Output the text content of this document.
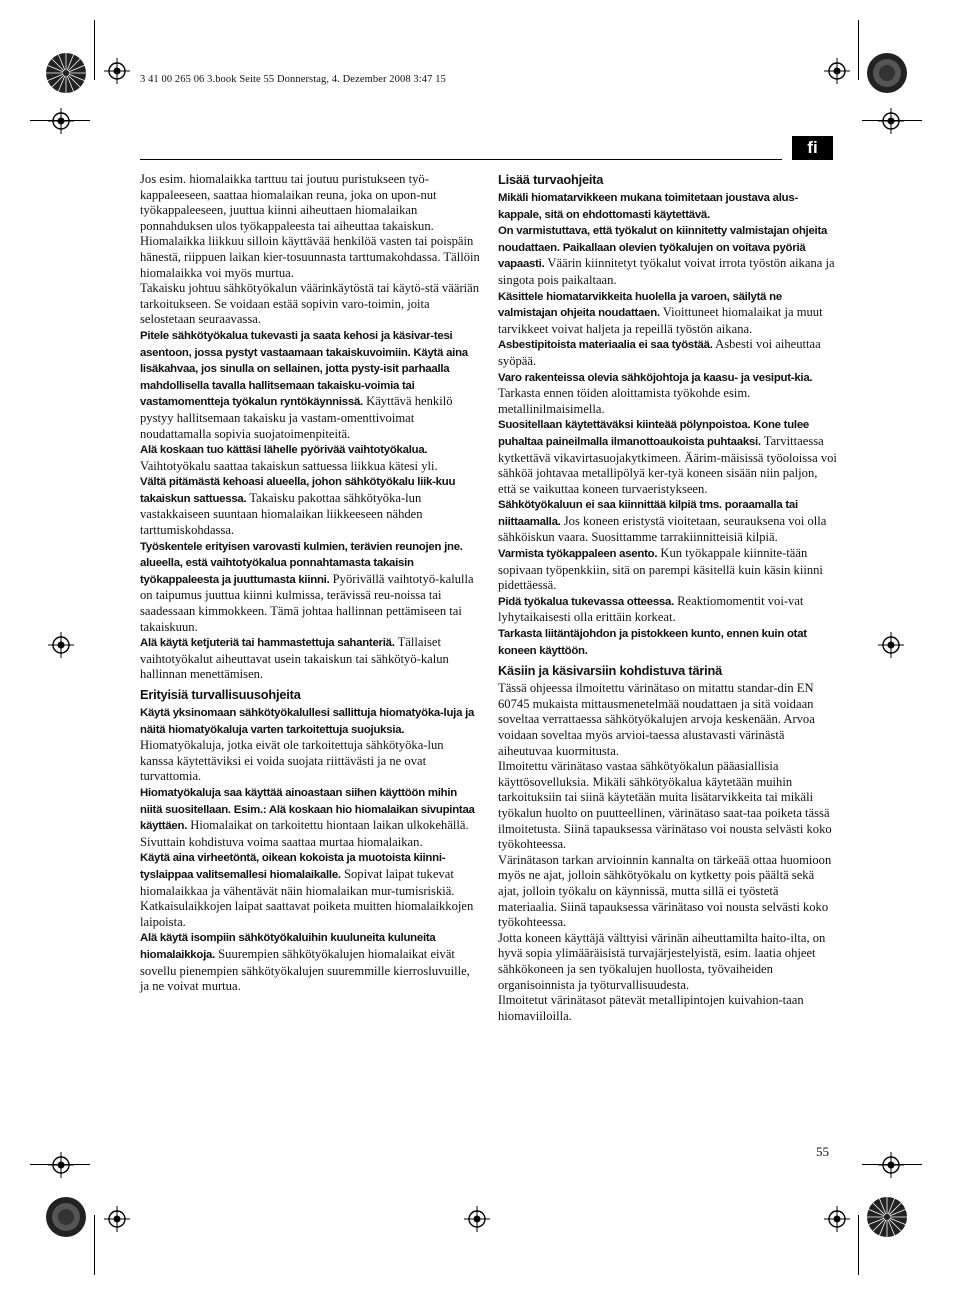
3 41 00 265 06 3.book Seite 55 Donnerstag, 4. Dezember 2008 3:47 15
fi

Jos esim. hiomalaikka tarttuu tai joutuu puristukseen työ-kappaleeseen, saattaa hiomalaikan reuna, joka on upon-nut työkappaleeseen, juuttua kiinni aiheuttaen hiomalaikan ponnahduksen ulos työkappaleesta tai aiheuttaa takaiskun. Hiomalaikka liikkuu silloin käyttävää henkilöä vasten tai poispäin hänestä, riippuen laikan kier-tosuunnasta tarttumakohdassa. Tällöin hiomalaikka voi myös murtua.

Takaisku johtuu sähkötyökalun väärinkäytöstä tai käytö-stä vääriän tarkoitukseen. Se voidaan estää sopivin varo-toimin, joita selostetaan seuraavassa.

Pitele sähkötyökalua tukevasti ja saata kehosi ja käsivar-tesi asentoon, jossa pystyt vastaamaan takaiskuvoimiin. Käytä aina lisäkahvaa, jos sinulla on sellainen, jotta pysty-isit parhaalla mahdollisella tavalla hallitsemaan takaisku-voimia tai vastamomentteja työkalun ryntökäynnissä. Käyttävä henkilö pystyy hallitsemaan takaisku ja vastam-omenttivoimat noudattamalla sopivia suojatoimenpiteitä.

Alä koskaan tuo kättäsi lähelle pyörivää vaihtotyökalua. Vaihtotyökalu saattaa takaiskun sattuessa liikkua kätesi yli.

Vältä pitämästä kehoasi alueella, johon sähkötyökalu liik-kuu takaiskun sattuessa. Takaisku pakottaa sähkötyöka-lun vastakkaiseen suuntaan hiomalaikan liikkeeseen nähden tarttumiskohdassa.

Työskentele erityisen varovasti kulmien, terävien reunojen jne. alueella, estä vaihtotyökalua ponnahtamasta takaisin työkappaleesta ja juuttumasta kiinni. Pyörivällä vaihtotyö-kalulla on taipumus juuttua kiinni kulmissa, terävissä reu-noissa tai saadessaan kimmokkeen. Tämä johtaa hallinnan pettämiseen tai takaiskuun.

Alä käytä ketjuteriä tai hammastettuja sahanteriä. Tällaiset vaihtotyökalut aiheuttavat usein takaiskun tai sähkötyö-kalun hallinnan menettämisen.

Erityisiä turvallisuusohjeita

Käytä yksinomaan sähkötyökalullesi sallittuja hiomatyöka-luja ja näitä hiomatyökaluja varten tarkoitettuja suojuksia. Hiomatyökaluja, jotka eivät ole tarkoitettuja sähkötyöka-lun kanssa käytettäviksi ei voida suojata riittävästi ja ne ovat turvattomia.

Hiomatyökaluja saa käyttää ainoastaan siihen käyttöön mihin niitä suositellaan. Esim.: Alä koskaan hio hiomalaikan sivupintaa käyttäen. Hiomalaikat on tarkoitettu hiontaan laikan ulkokehällä. Sivuttain kohdistuva voima saattaa murtaa hiomalaikan.

Käytä aina virheetöntä, oikean kokoista ja muotoista kiinni-tyslaippaa valitsemallesi hiomalaikalle. Sopivat laipat tukevat hiomalaikkaa ja vähentävät näin hiomalaikan mur-tumisriskiä. Katkaisulaikkojen laipat saattavat poiketa muitten hiomalaikkojen laipoista.

Alä käytä isompiin sähkötyökaluihin kuuluneita kuluneita hiomalaikkoja. Suurempien sähkötyökalujen hiomalaikat eivät sovellu pienempien sähkötyökalujen suuremmille kierrosluvuille, ja ne voivat murtua.

Lisää turvaohjeita

Mikäli hiomatarvikkeen mukana toimitetaan joustava alus-kappale, sitä on ehdottomasti käytettävä.

On varmistuttava, että työkalut on kiinnitetty valmistajan ohjeita noudattaen. Paikallaan olevien työkalujen on voitava pyöriä vapaasti. Väärin kiinnitetyt työkalut voivat irrota työstön aikana ja singota pois paikaltaan.

Käsittele hiomatarvikkeita huolella ja varoen, säilytä ne valmistajan ohjeita noudattaen. Vioittuneet hiomalaikat ja muut tarvikkeet voivat haljeta ja repeillä työstön aikana.

Asbestipitoista materiaalia ei saa työstää. Asbesti voi aiheuttaa syöpää.

Varo rakenteissa olevia sähköjohtoja ja kaasu- ja vesiput-kia. Tarkasta ennen töiden aloittamista työkohde esim. metallinilmaisimella.

Suositellaan käytettäväksi kiinteää pölynpoistoa. Kone tulee puhaltaa paineilmalla ilmanottoaukoista puhtaaksi. Tarvittaessa kytkettävä vikavirtasuojakytkimeen. Äärim-mäisissä työoloissa voi sähköä johtavaa metallipölyä ker-tyä koneen sisään niin paljon, että se vaikuttaa koneen turvaeristykseen.

Sähkötyökaluun ei saa kiinnittää kilpiä tms. poraamalla tai niittaamalla. Jos koneen eristystä vioitetaan, seurauksena voi olla sähköiskun vaara. Suosittamme tarrakiinnitteisiä kilpiä.

Varmista työkappaleen asento. Kun työkappale kiinnite-tään sopivaan työpenkkiin, sitä on parempi käsitellä kuin käsin kiinni pidettäessä.

Pidä työkalua tukevassa otteessa. Reaktiomomentit voi-vat lyhytaikaisesti olla erittäin korkeat.

Tarkasta liitäntäjohdon ja pistokkeen kunto, ennen kuin otat koneen käyttöön.

Käsiin ja käsivarsiin kohdistuva tärinä

Tässä ohjeessa ilmoitettu värinätaso on mitattu standar-din EN 60745 mukaista mittausmenetelmää noudattaen ja sitä voidaan soveltaa verrattaessa sähkötyökalujen arvoja keskenään. Arvoa voidaan soveltaa myös arvioi-taessa alustavasti värinästä aiheutuvaa kuormitusta.

Ilmoitettu värinätaso vastaa sähkötyökalun pääasiallisia käyttösovelluksia. Mikäli sähkötyökalua käytetään muihin tarkoituksiin tai siinä käytetään muita lisätarvikkeita tai mikäli työkalun huolto on puutteellinen, värinätaso saat-taa poiketa tässä ilmoitetusta. Siinä tapauksessa värinätaso voi nousta selvästi koko työkohteessa.

Värinätason tarkan arvioinnin kannalta on tärkeää ottaa huomioon myös ne ajat, jolloin sähkötyökalu on kytketty pois päältä sekä ajat, jolloin työkalu on käynnissä, mutta sillä ei työstetä materiaalia. Siinä tapauksessa värinätaso voi nousta selvästi koko työkohteessa.

Jotta koneen käyttäjä välttyisi värinän aiheuttamilta haito-ilta, on hyvä sopia ylimääräisistä turvajärjestelyistä, esim. laatia ohjeet sähkökoneen ja sen työkalujen huollosta, työvaiheiden organisoinnista ja työturvallisuudesta.

Ilmoitetut värinätasot pätevät metallipintojen kuivahion-taan hiomaviiloilla.

55
